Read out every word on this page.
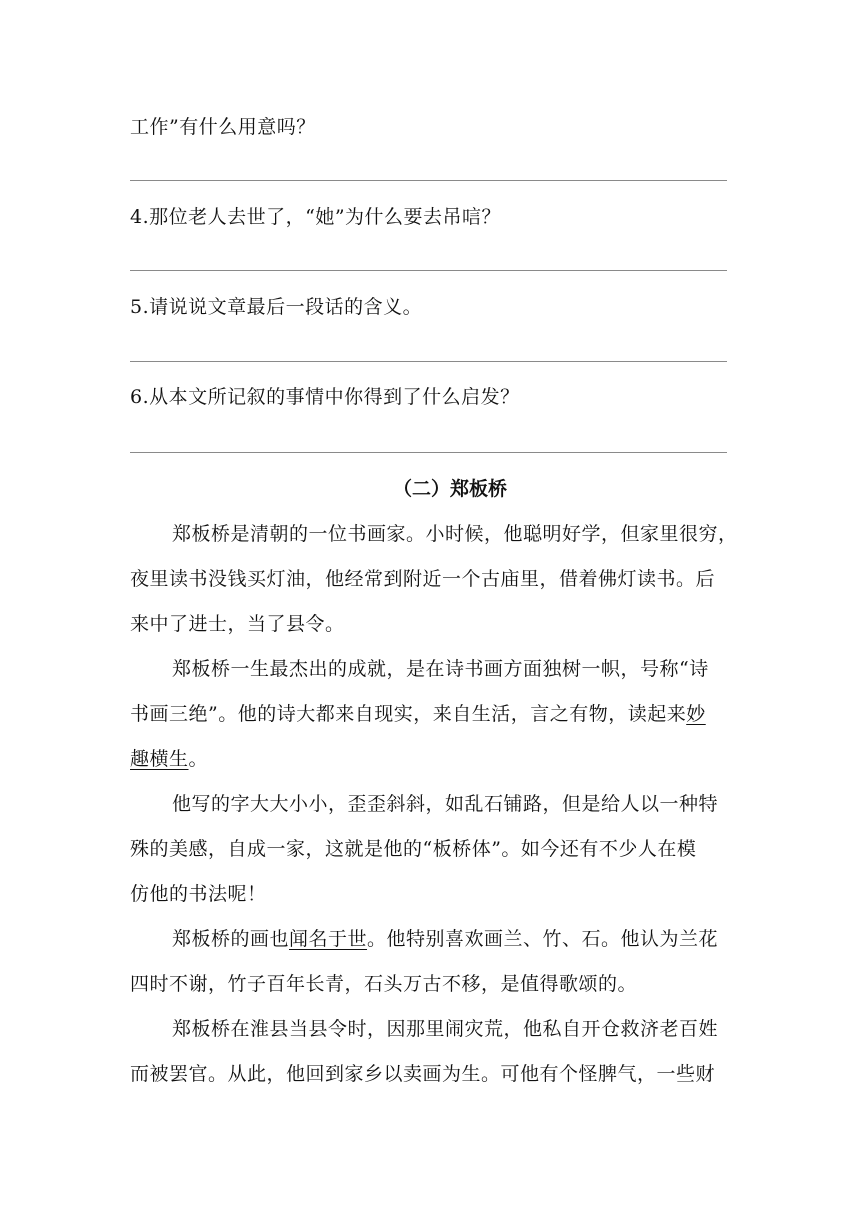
工作”有什么用意吗？
4.那位老人去世了，“她”为什么要去吊唁？
5.请说说文章最后一段话的含义。
6.从本文所记叙的事情中你得到了什么启发？
（二）郑板桥
郑板桥是清朝的一位书画家。小时候，他聪明好学，但家里很穷，
夜里读书没钱买灯油，他经常到附近一个古庙里，借着佛灯读书。后
来中了进士，当了县令。
郑板桥一生最杰出的成就，是在诗书画方面独树一帜，号称“诗
书画三绝”。他的诗大都来自现实，来自生活，言之有物，读起来妙
趣横生。
他写的字大大小小，歪歪斜斜，如乱石铺路，但是给人以一种特
殊的美感，自成一家，这就是他的“板桥体”。如今还有不少人在模
仿他的书法呢！
郑板桥的画也闻名于世。他特别喜欢画兰、竹、石。他认为兰花
四时不谢，竹子百年长青，石头万古不移，是值得歌颂的。
郑板桥在淮县当县令时，因那里闹灾荒，他私自开仓救济老百姓
而被罢官。从此，他回到家乡以卖画为生。可他有个怪脾气，一些财
